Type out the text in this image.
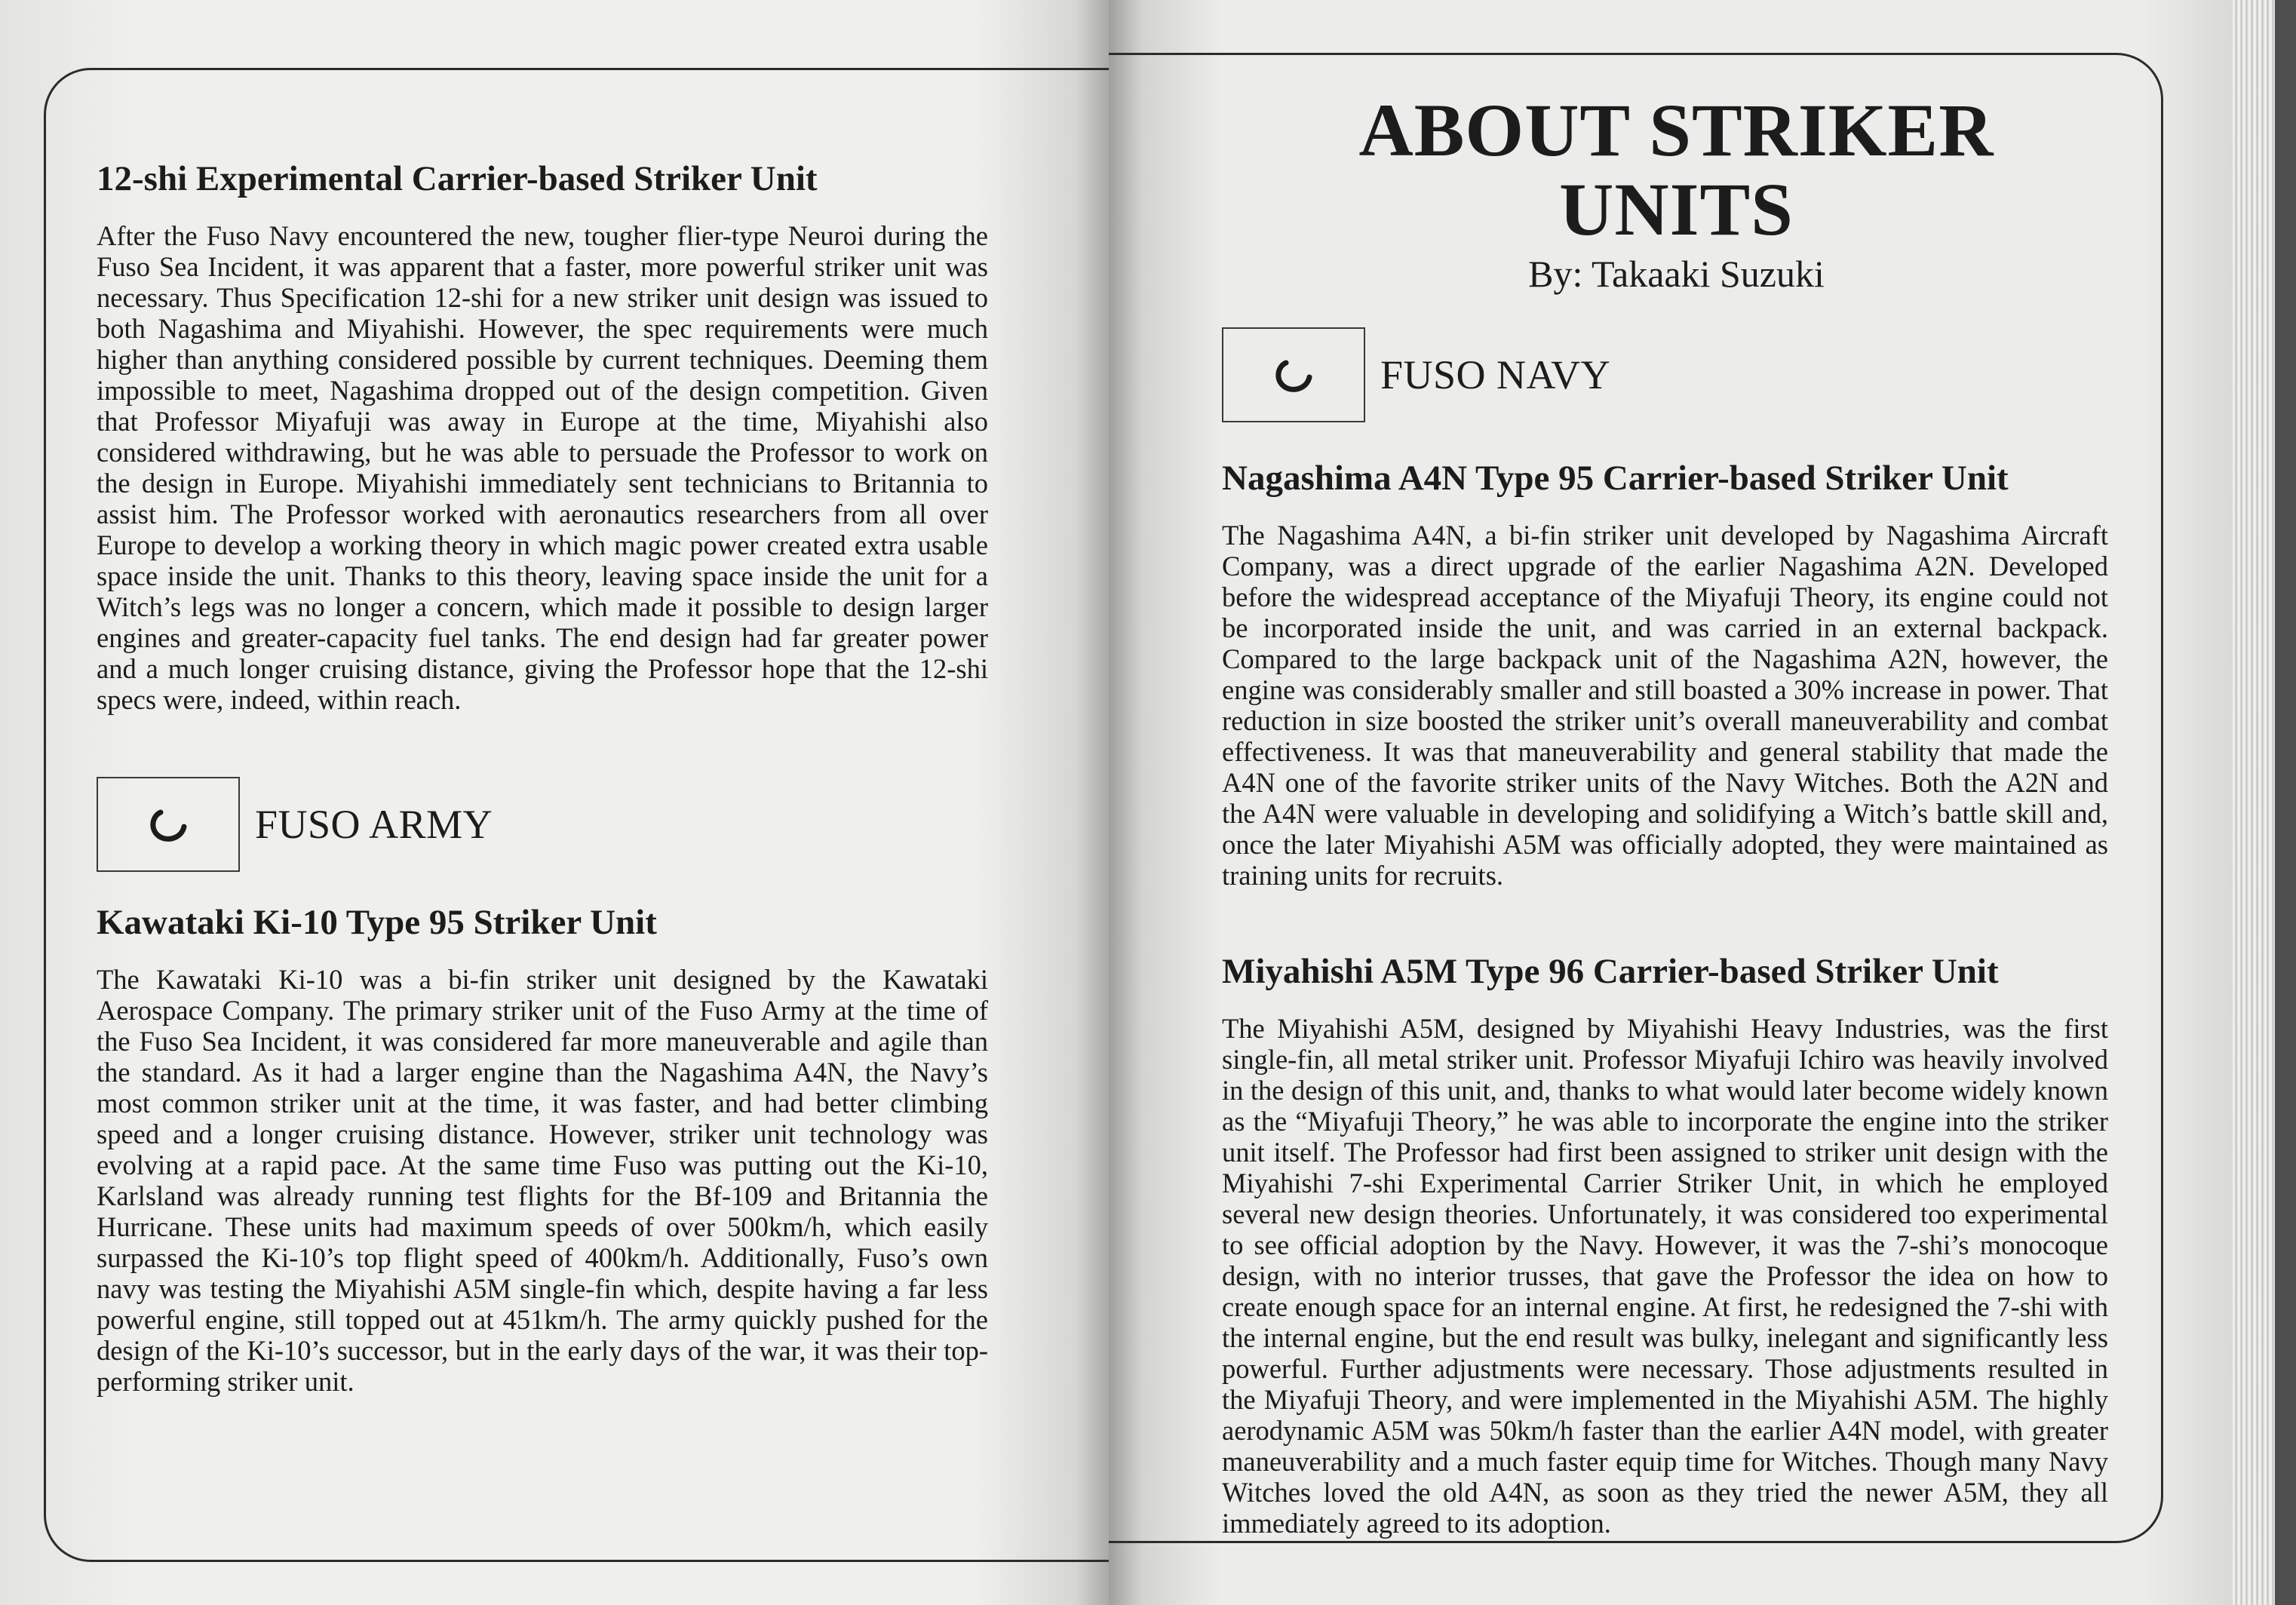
12-shi Experimental Carrier-based Striker Unit

After the Fuso Navy encountered the new, tougher flier-type Neuroi during the Fuso Sea Incident, it was apparent that a faster, more powerful striker unit was necessary. Thus Specification 12-shi for a new striker unit design was issued to both Nagashima and Miyahishi. However, the spec requirements were much higher than anything considered possible by current techniques. Deeming them impossible to meet, Nagashima dropped out of the design competition. Given that Professor Miyafuji was away in Europe at the time, Miyahishi also considered withdrawing, but he was able to persuade the Professor to work on the design in Europe. Miyahishi immediately sent technicians to Britannia to assist him. The Professor worked with aeronautics researchers from all over Europe to develop a working theory in which magic power created extra usable space inside the unit. Thanks to this theory, leaving space inside the unit for a Witch’s legs was no longer a concern, which made it possible to design larger engines and greater-capacity fuel tanks. The end design had far greater power and a much longer cruising distance, giving the Professor hope that the 12-shi specs were, indeed, within reach.

FUSO ARMY
Kawataki Ki-10 Type 95 Striker Unit

The Kawataki Ki-10 was a bi-fin striker unit designed by the Kawataki Aerospace Company. The primary striker unit of the Fuso Army at the time of the Fuso Sea Incident, it was considered far more maneuverable and agile than the standard. As it had a larger engine than the Nagashima A4N, the Navy’s most common striker unit at the time, it was faster, and had better climbing speed and a longer cruising distance. However, striker unit technology was evolving at a rapid pace. At the same time Fuso was putting out the Ki-10, Karlsland was already running test flights for the Bf-109 and Britannia the Hurricane. These units had maximum speeds of over 500km/h, which easily surpassed the Ki-10’s top flight speed of 400km/h. Additionally, Fuso’s own navy was testing the Miyahishi A5M single-fin which, despite having a far less powerful engine, still topped out at 451km/h. The army quickly pushed for the design of the Ki-10’s successor, but in the early days of the war, it was their top-performing striker unit.

ABOUT STRIKER UNITS

By: Takaaki Suzuki

FUSO NAVY
Nagashima A4N Type 95 Carrier-based Striker Unit

The Nagashima A4N, a bi-fin striker unit developed by Nagashima Aircraft Company, was a direct upgrade of the earlier Nagashima A2N. Developed before the widespread acceptance of the Miyafuji Theory, its engine could not be incorporated inside the unit, and was carried in an external backpack. Compared to the large backpack unit of the Nagashima A2N, however, the engine was considerably smaller and still boasted a 30% increase in power. That reduction in size boosted the striker unit’s overall maneuverability and combat effectiveness. It was that maneuverability and general stability that made the A4N one of the favorite striker units of the Navy Witches. Both the A2N and the A4N were valuable in developing and solidifying a Witch’s battle skill and, once the later Miyahishi A5M was officially adopted, they were maintained as training units for recruits.

Miyahishi A5M Type 96 Carrier-based Striker Unit

The Miyahishi A5M, designed by Miyahishi Heavy Industries, was the first single-fin, all metal striker unit. Professor Miyafuji Ichiro was heavily involved in the design of this unit, and, thanks to what would later become widely known as the “Miyafuji Theory,” he was able to incorporate the engine into the striker unit itself. The Professor had first been assigned to striker unit design with the Miyahishi 7-shi Experimental Carrier Striker Unit, in which he employed several new design theories. Unfortunately, it was considered too experimental to see official adoption by the Navy. However, it was the 7-shi’s monocoque design, with no interior trusses, that gave the Professor the idea on how to create enough space for an internal engine. At first, he redesigned the 7-shi with the internal engine, but the end result was bulky, inelegant and significantly less powerful. Further adjustments were necessary. Those adjustments resulted in the Miyafuji Theory, and were implemented in the Miyahishi A5M. The highly aerodynamic A5M was 50km/h faster than the earlier A4N model, with greater maneuverability and a much faster equip time for Witches. Though many Navy Witches loved the old A4N, as soon as they tried the newer A5M, they all immediately agreed to its adoption.
